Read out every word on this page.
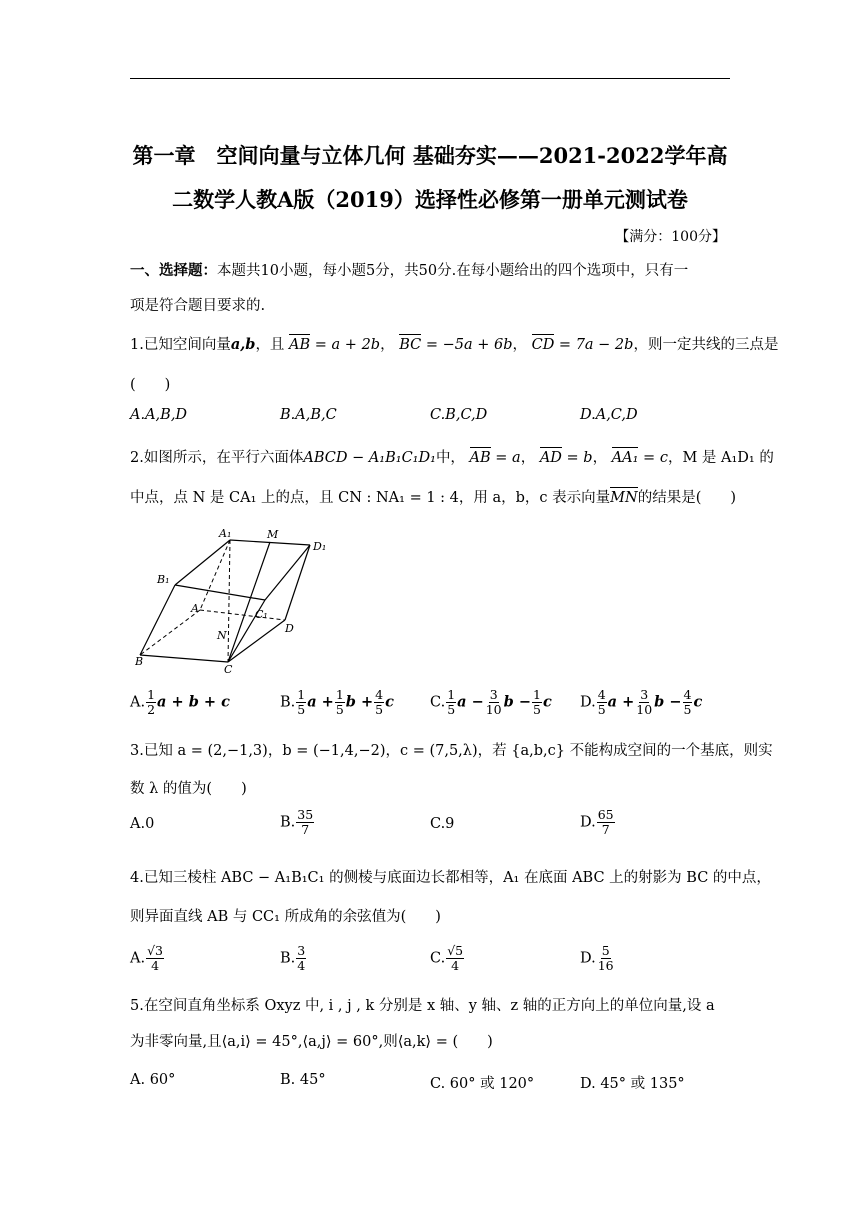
第一章　空间向量与立体几何 基础夯实——2021-2022学年高
二数学人教A版（2019）选择性必修第一册单元测试卷
【满分：100分】
一、选择题：本题共10小题，每小题5分，共50分.在每小题给出的四个选项中，只有一
项是符合题目要求的.
1.已知空间向量a,b，且 AB = a + 2b， BC = −5a + 6b， CD = 7a − 2b，则一定共线的三点是
(　　)
A.A,B,D	B.A,B,C	C.B,C,D	D.A,C,D
2.如图所示，在平行六面体ABCD − A₁B₁C₁D₁中， AB = a， AD = b， AA₁ = c，M 是 A₁D₁ 的
中点，点 N 是 CA₁ 上的点，且 CN : NA₁ = 1 : 4，用 a，b，c 表示向量MN的结果是(　　)
A₁	M
D₁
B₁
A	C₁
D
N
B
C
A. $\frac{1}{2}$ a + b + c	B. $\frac{1}{5}$ $a + \frac{1}{5}$ $b + \frac{4}{5}$ c C. $\frac{1}{5}$ $a - \frac{3}{10}$ $b - \frac{1}{5}$ c D. $\frac{4}{5}$ $a + \frac{3}{10}$ $b - \frac{4}{5}$ c
3.已知 a = (2,−1,3)，b = (−1,4,−2)，c = (7,5,λ)，若 {a,b,c} 不能构成空间的一个基底，则实
数 λ 的值为(　　)
A.0	B. $\frac{35}{7}$	C.9	D. $\frac{65}{7}$
4.已知三棱柱 ABC − A₁B₁C₁ 的侧棱与底面边长都相等，A₁ 在底面 ABC 上的射影为 BC 的中点，
则异面直线 AB 与 CC₁ 所成角的余弦值为(　　)
A. $\frac{√3}{4}$	B. $\frac{3}{4}$	C. $\frac{√5}{4}$	D. $\frac{5}{16}$
5.在空间直角坐标系 Oxyz 中, i , j , k 分别是 x 轴、y 轴、z 轴的正方向上的单位向量,设 a
为非零向量,且⟨a,i⟩ = 45°,⟨a,j⟩ = 60°,则⟨a,k⟩ = (　　)
A. 60°	B. 45°	C. 60° 或 120°	D. 45° 或 135°
